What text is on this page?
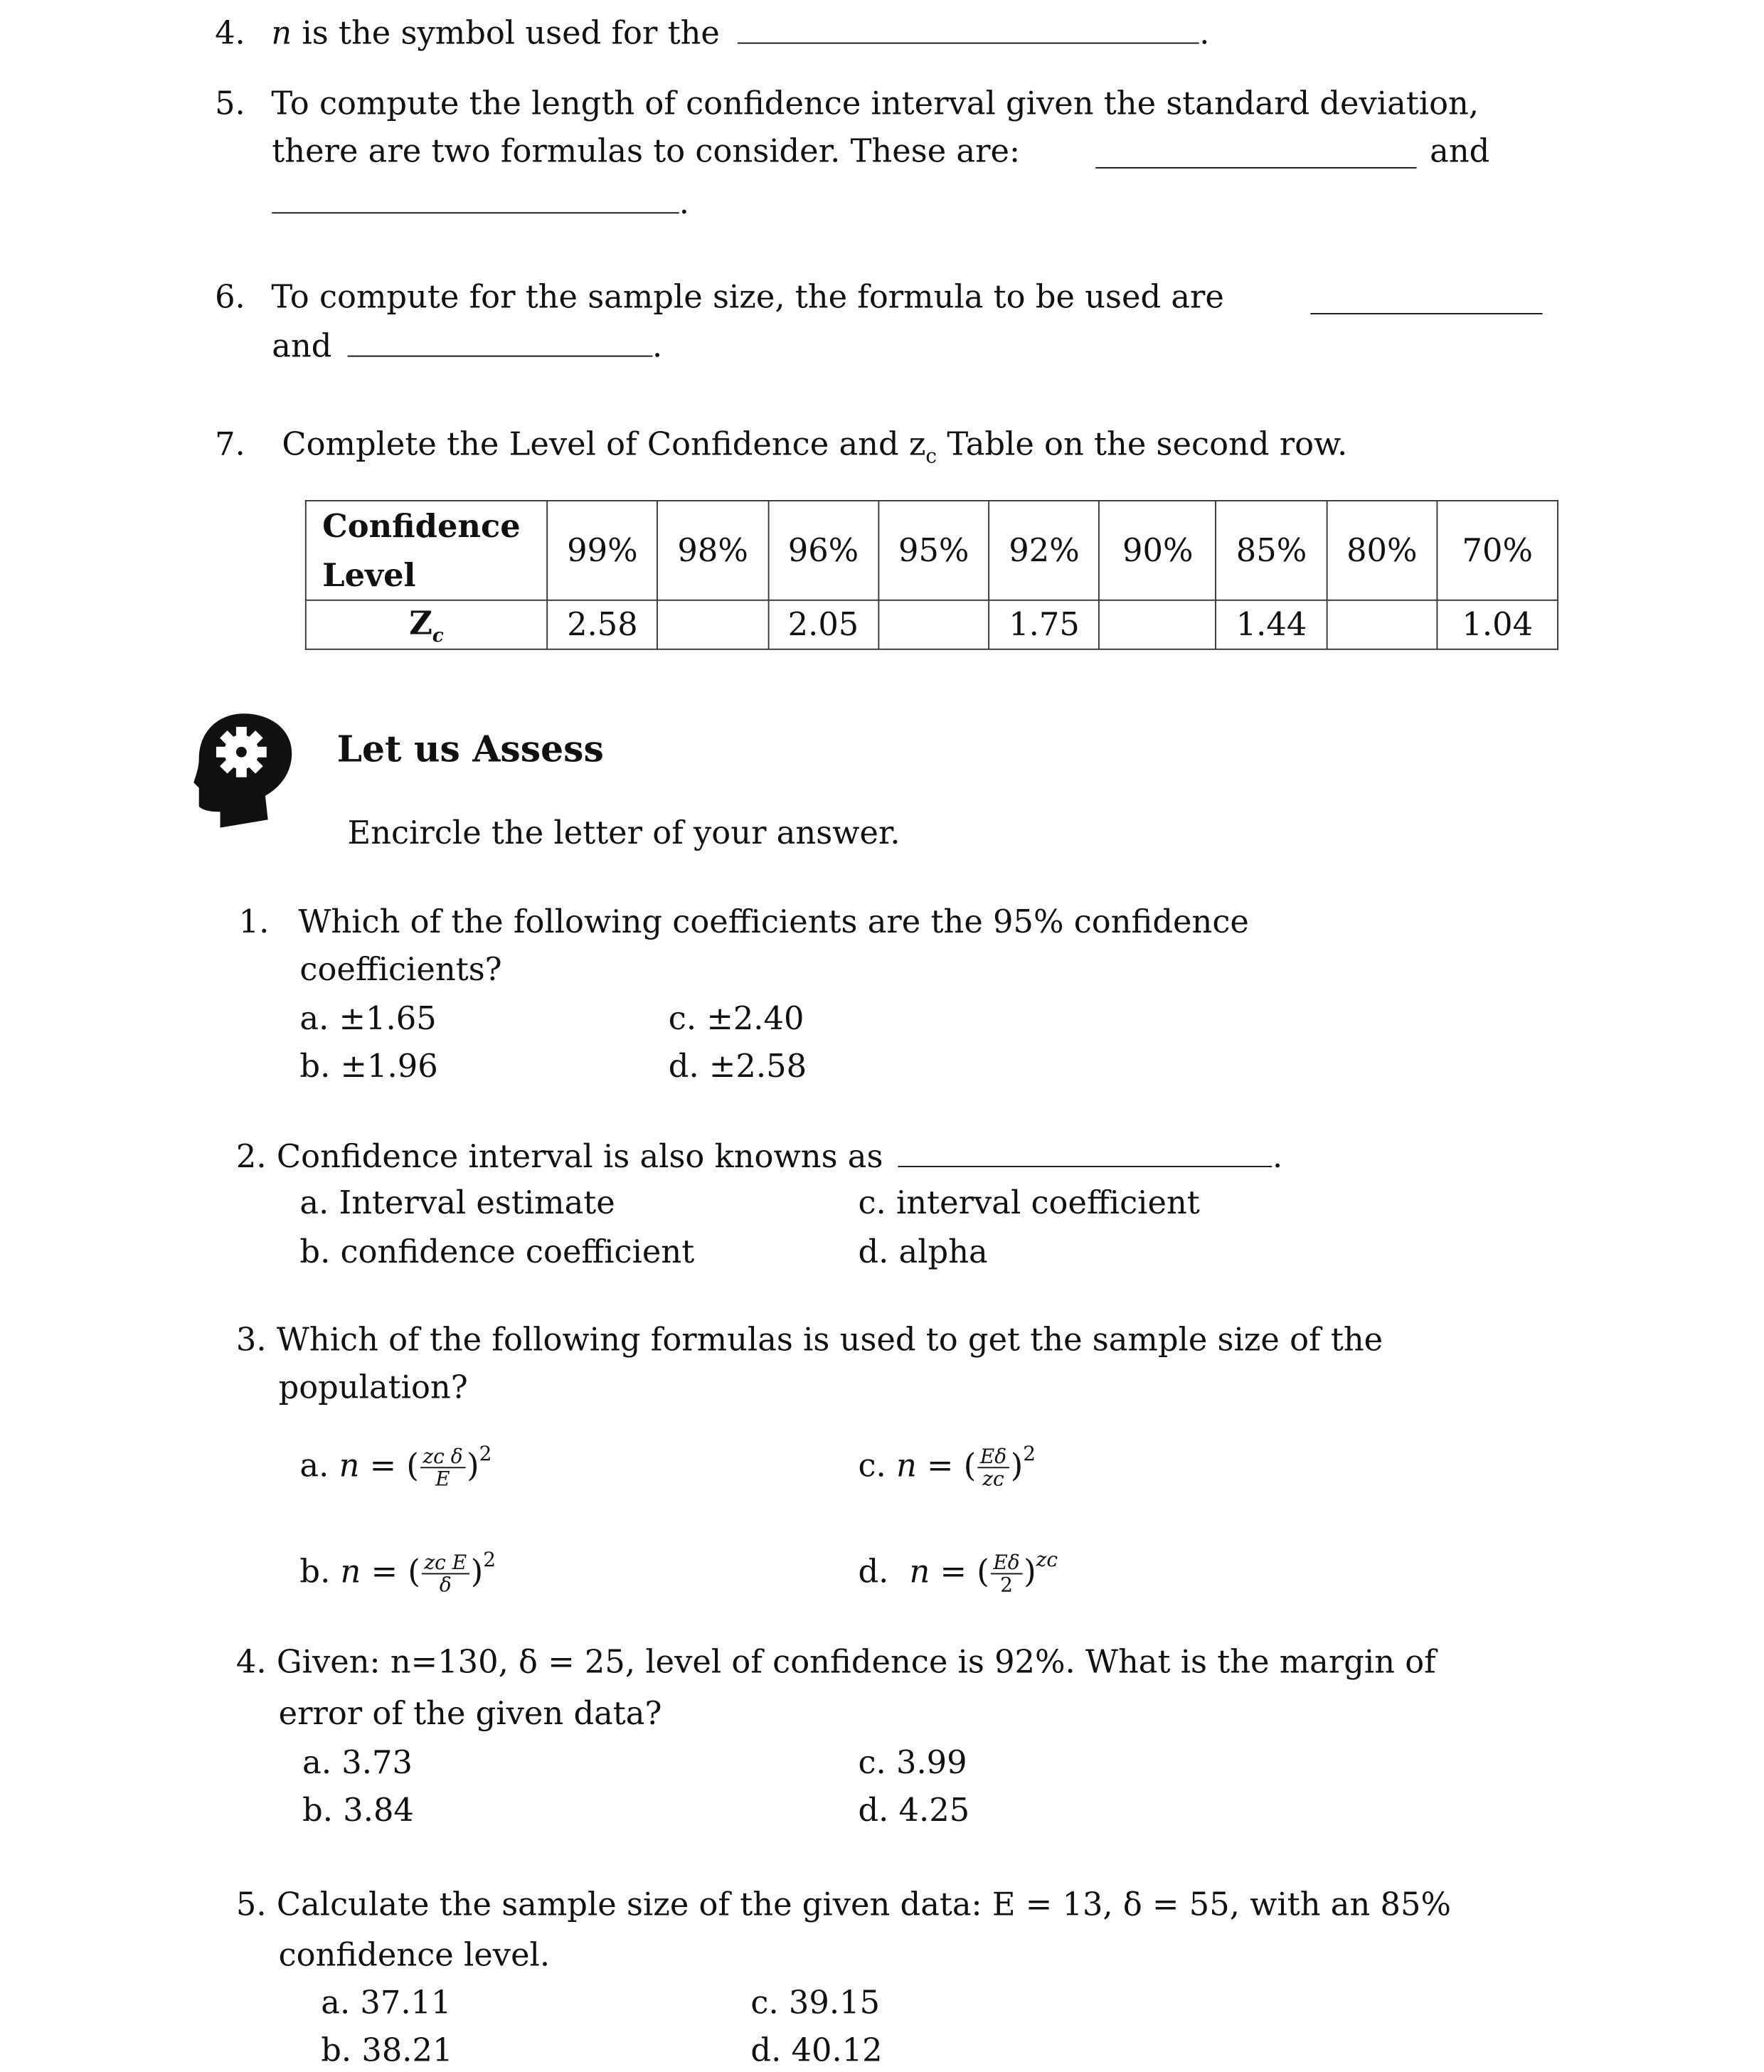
4. n is the symbol used for the	.
5. To compute the length of confidence interval given the standard deviation,
there are two formulas to consider. These are:	and
.
6. To compute for the sample size, the formula to be used are
and	.
7. Complete the Level of Confidence and $z_c$ Table on the second row.
Confidence
Level	99%	98%	96%	95%	92%	90%	85%	80%	70%
$Z_c$	2.58		2.05		1.75		1.44		1.04
Let us Assess
Encircle the letter of your answer.
1. Which of the following coefficients are the 95% confidence
coefficients?
a. ±1.65	c. ±2.40
b. ±1.96	d. ±2.58
2. Confidence interval is also knowns as	.
a. Interval estimate	c. interval coefficient
b. confidence coefficient	d. alpha
3. Which of the following formulas is used to get the sample size of the
population?
a. n = ( $\frac{\text{zᴄ δ}}{E} )^2$	c. n = ( $\frac{E\delta}{\text{zᴄ}} )^2$
b. n = ( $\frac{\text{zᴄ E}}{\delta} )^2$	d. n = ( $\frac{E\delta}{2} )^{zᴄ}$
4. Given: n=130, δ = 25, level of confidence is 92%. What is the margin of
error of the given data?
a. 3.73	c. 3.99
b. 3.84	d. 4.25
5. Calculate the sample size of the given data: E = 13, δ = 55, with an 85%
confidence level.
a. 37.11	c. 39.15
b. 38.21	d. 40.12
